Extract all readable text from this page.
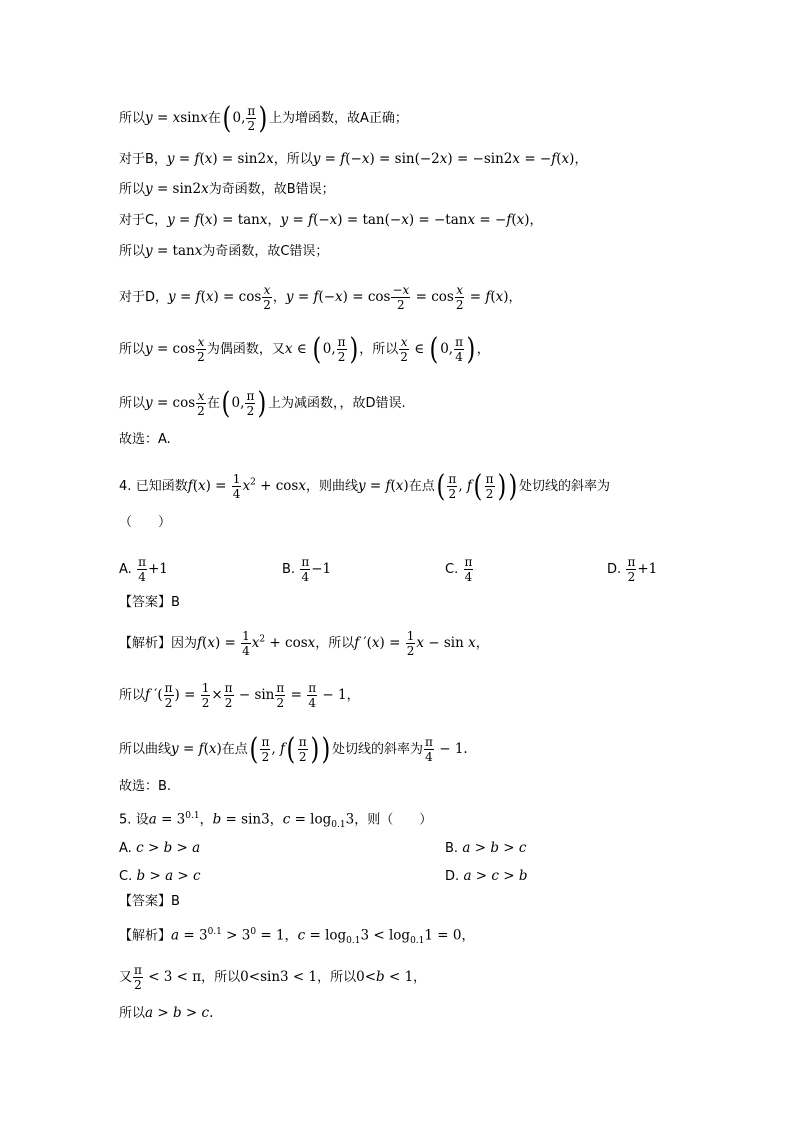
所以y = xsinx在(0, $\frac{\pi}{2}$ )上为增函数，故A正确；
对于B，y = f(x) = sin2x，所以y = f(−x) = sin(−2x) = −sin2x = −f(x)，
所以y = sin2x为奇函数，故B错误；
对于C，y = f(x) = tanx，y = f(−x) = tan(−x) = −tanx = −f(x)，
所以y = tanx为奇函数，故C错误；
对于D，$y = f(x) = \cos \frac{x}{2}$ ，$y = f(-x) = \cos \frac{-x}{2} = \cos \frac{x}{2} = f(x)$，
所以$y = \cos \frac{x}{2}$ 为偶函数，又x ∈ (0, $\frac{\pi}{2}$ )，所以 $\frac{x}{2}$ ∈ (0, $\frac{\pi}{4}$ )，
所以$y = \cos \frac{x}{2}$ 在(0, $\frac{\pi}{2}$ )上为减函数，，故D错误.
故选：A.
4. 已知函数$f(x) = \frac{1}{4} x^2 + \cos x$，则曲线y = f(x)在点( $\frac{\pi}{2}$ , $f( \frac{\pi}{2}$ ))处切线的斜率为
（　　）
A. $\frac{\pi}{4} +1$	B. $\frac{\pi}{4} -1$	C. $\frac{\pi}{4}$	D. $\frac{\pi}{2} +1$
【答案】B
【解析】因为$f(x) = \frac{1}{4} x^2 + \cos x$，所以f $'(x) = \frac{1}{2}$ x − sin x，
所以f ′( $\frac{\pi}{2}$ ) = $\frac{1}{2} \times \frac{\pi}{2} - \sin \frac{\pi}{2} = \frac{\pi}{4} - 1$，
所以曲线y = f(x)在点( $\frac{\pi}{2}$ , $f( \frac{\pi}{2}$ ))处切线的斜率为 $\frac{\pi}{4} - 1$.
故选：B.
5. 设$a = 3^{0.1}$，b = sin3，$c = \log_{0.1}3$，则（　　）
A. c > b > a	B. a > b > c
C. b > a > c	D. a > c > b
【答案】B
【解析】$a = 3^{0.1} > 3^0 = 1$，$c = \log_{0.1}3 < \log_{0.1}1 = 0$，
又 $\frac{\pi}{2} < 3 < \pi$，所以0<sin3 < 1，所以0<b < 1，
所以a > b > c.
